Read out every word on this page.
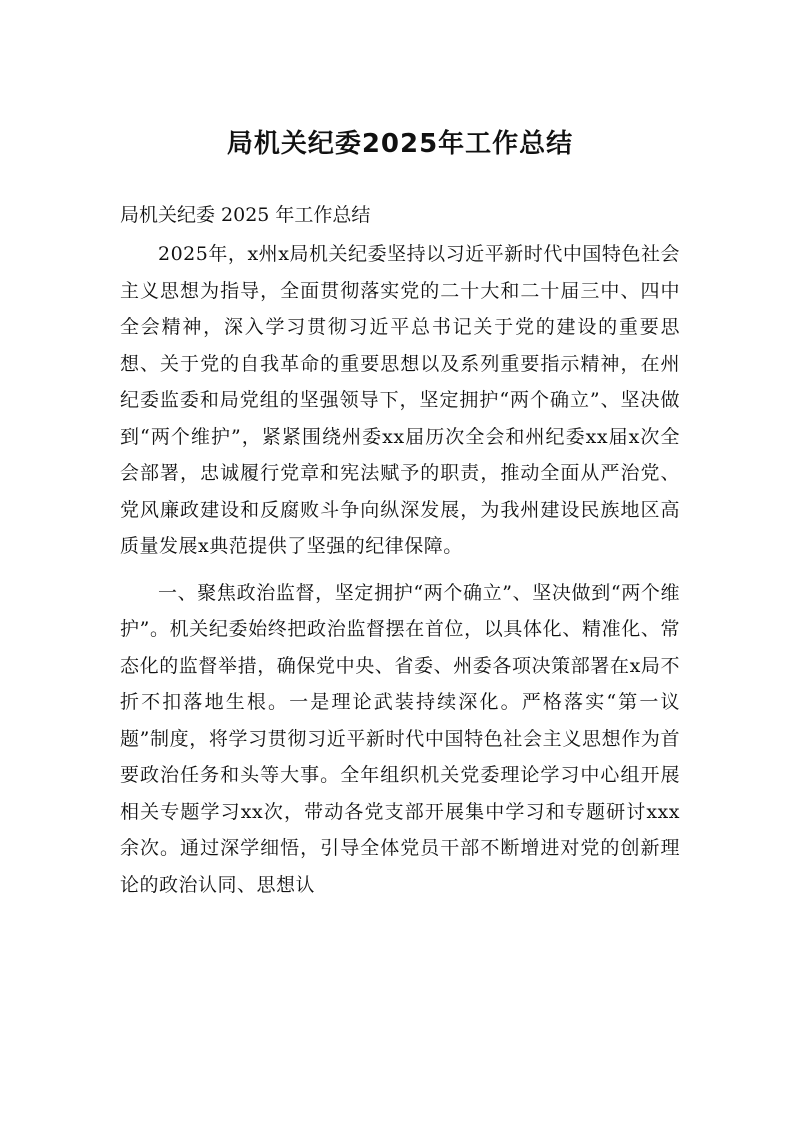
局机关纪委2025年工作总结

局机关纪委 2025 年工作总结

2025年，x州x局机关纪委坚持以习近平新时代中国特色社会主义思想为指导，全面贯彻落实党的二十大和二十届三中、四中全会精神，深入学习贯彻习近平总书记关于党的建设的重要思想、关于党的自我革命的重要思想以及系列重要指示精神，在州纪委监委和局党组的坚强领导下，坚定拥护“两个确立”、坚决做到“两个维护”，紧紧围绕州委xx届历次全会和州纪委xx届x次全会部署，忠诚履行党章和宪法赋予的职责，推动全面从严治党、党风廉政建设和反腐败斗争向纵深发展，为我州建设民族地区高质量发展x典范提供了坚强的纪律保障。

一、聚焦政治监督，坚定拥护“两个确立”、坚决做到“两个维护”。机关纪委始终把政治监督摆在首位，以具体化、精准化、常态化的监督举措，确保党中央、省委、州委各项决策部署在x局不折不扣落地生根。一是理论武装持续深化。严格落实“第一议题”制度，将学习贯彻习近平新时代中国特色社会主义思想作为首要政治任务和头等大事。全年组织机关党委理论学习中心组开展相关专题学习xx次，带动各党支部开展集中学习和专题研讨xxx余次。通过深学细悟，引导全体党员干部不断增进对党的创新理论的政治认同、思想认
